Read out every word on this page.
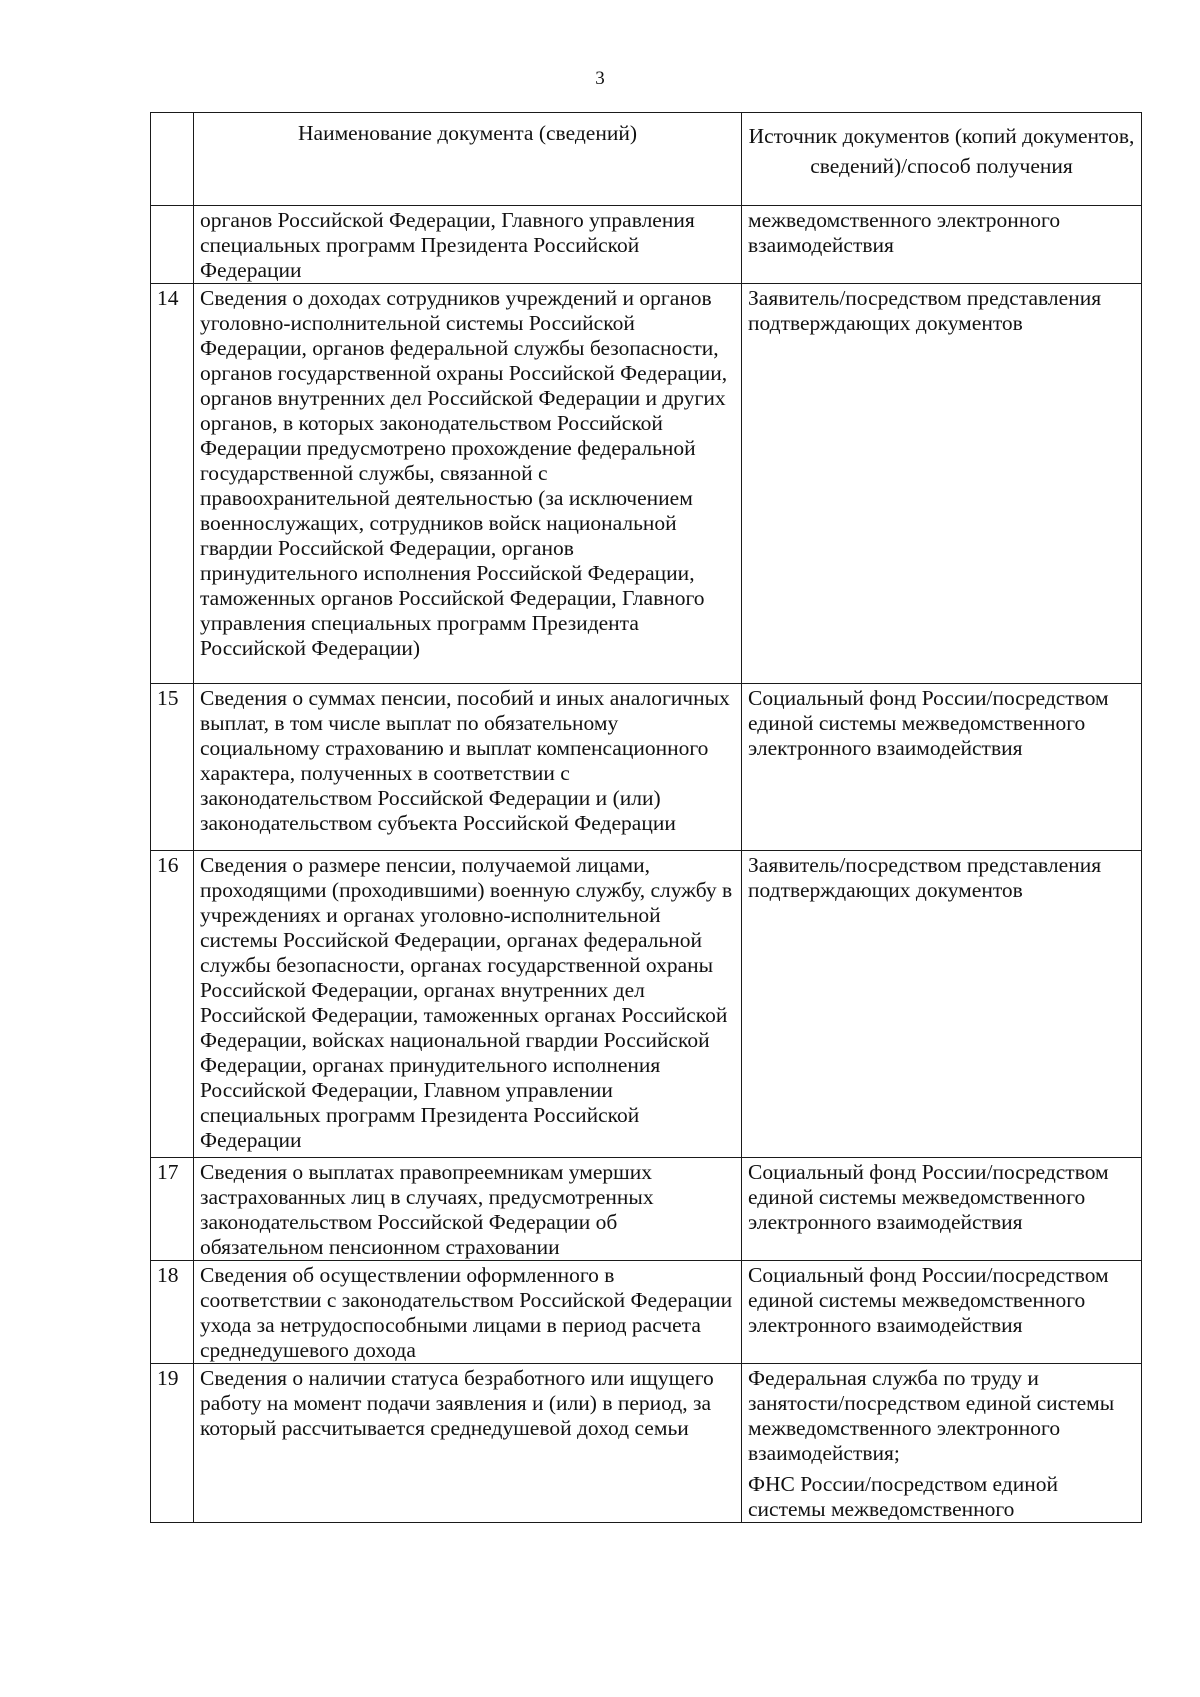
3
	Наименование документа (сведений)	Источник документов (копий документов, сведений)/способ получения
	органов Российской Федерации, Главного управления специальных программ Президента Российской Федерации	межведомственного электронного взаимодействия

14	Сведения о доходах сотрудников учреждений и органов уголовно-исполнительной системы Российской Федерации, органов федеральной службы безопасности, органов государственной охраны Российской Федерации, органов внутренних дел Российской Федерации и других органов, в которых законодательством Российской Федерации предусмотрено прохождение федеральной государственной службы, связанной с правоохранительной деятельностью (за исключением военнослужащих, сотрудников войск национальной гвардии Российской Федерации, органов принудительного исполнения Российской Федерации, таможенных органов Российской Федерации, Главного управления специальных программ Президента Российской Федерации)	Заявитель/посредством представления подтверждающих документов

15	Сведения о суммах пенсии, пособий и иных аналогичных выплат, в том числе выплат по обязательному социальному страхованию и выплат компенсационного характера, полученных в соответствии с законодательством Российской Федерации и (или) законодательством субъекта Российской Федерации	Социальный фонд России/посредством единой системы межведомственного электронного взаимодействия

16	Сведения о размере пенсии, получаемой лицами, проходящими (проходившими) военную службу, службу в учреждениях и органах уголовно-исполнительной системы Российской Федерации, органах федеральной службы безопасности, органах государственной охраны Российской Федерации, органах внутренних дел Российской Федерации, таможенных органах Российской Федерации, войсках национальной гвардии Российской Федерации, органах принудительного исполнения Российской Федерации, Главном управлении специальных программ Президента Российской Федерации	Заявитель/посредством представления подтверждающих документов

17	Сведения о выплатах правопреемникам умерших застрахованных лиц в случаях, предусмотренных законодательством Российской Федерации об обязательном пенсионном страховании	Социальный фонд России/посредством единой системы межведомственного электронного взаимодействия

18	Сведения об осуществлении оформленного в соответствии с законодательством Российской Федерации ухода за нетрудоспособными лицами в период расчета среднедушевого дохода	Социальный фонд России/посредством единой системы межведомственного электронного взаимодействия

19	Сведения о наличии статуса безработного или ищущего работу на момент подачи заявления и (или) в период, за который рассчитывается среднедушевой доход семьи	Федеральная служба по труду и занятости/посредством единой системы межведомственного электронного взаимодействия;
ФНС России/посредством единой системы межведомственного
